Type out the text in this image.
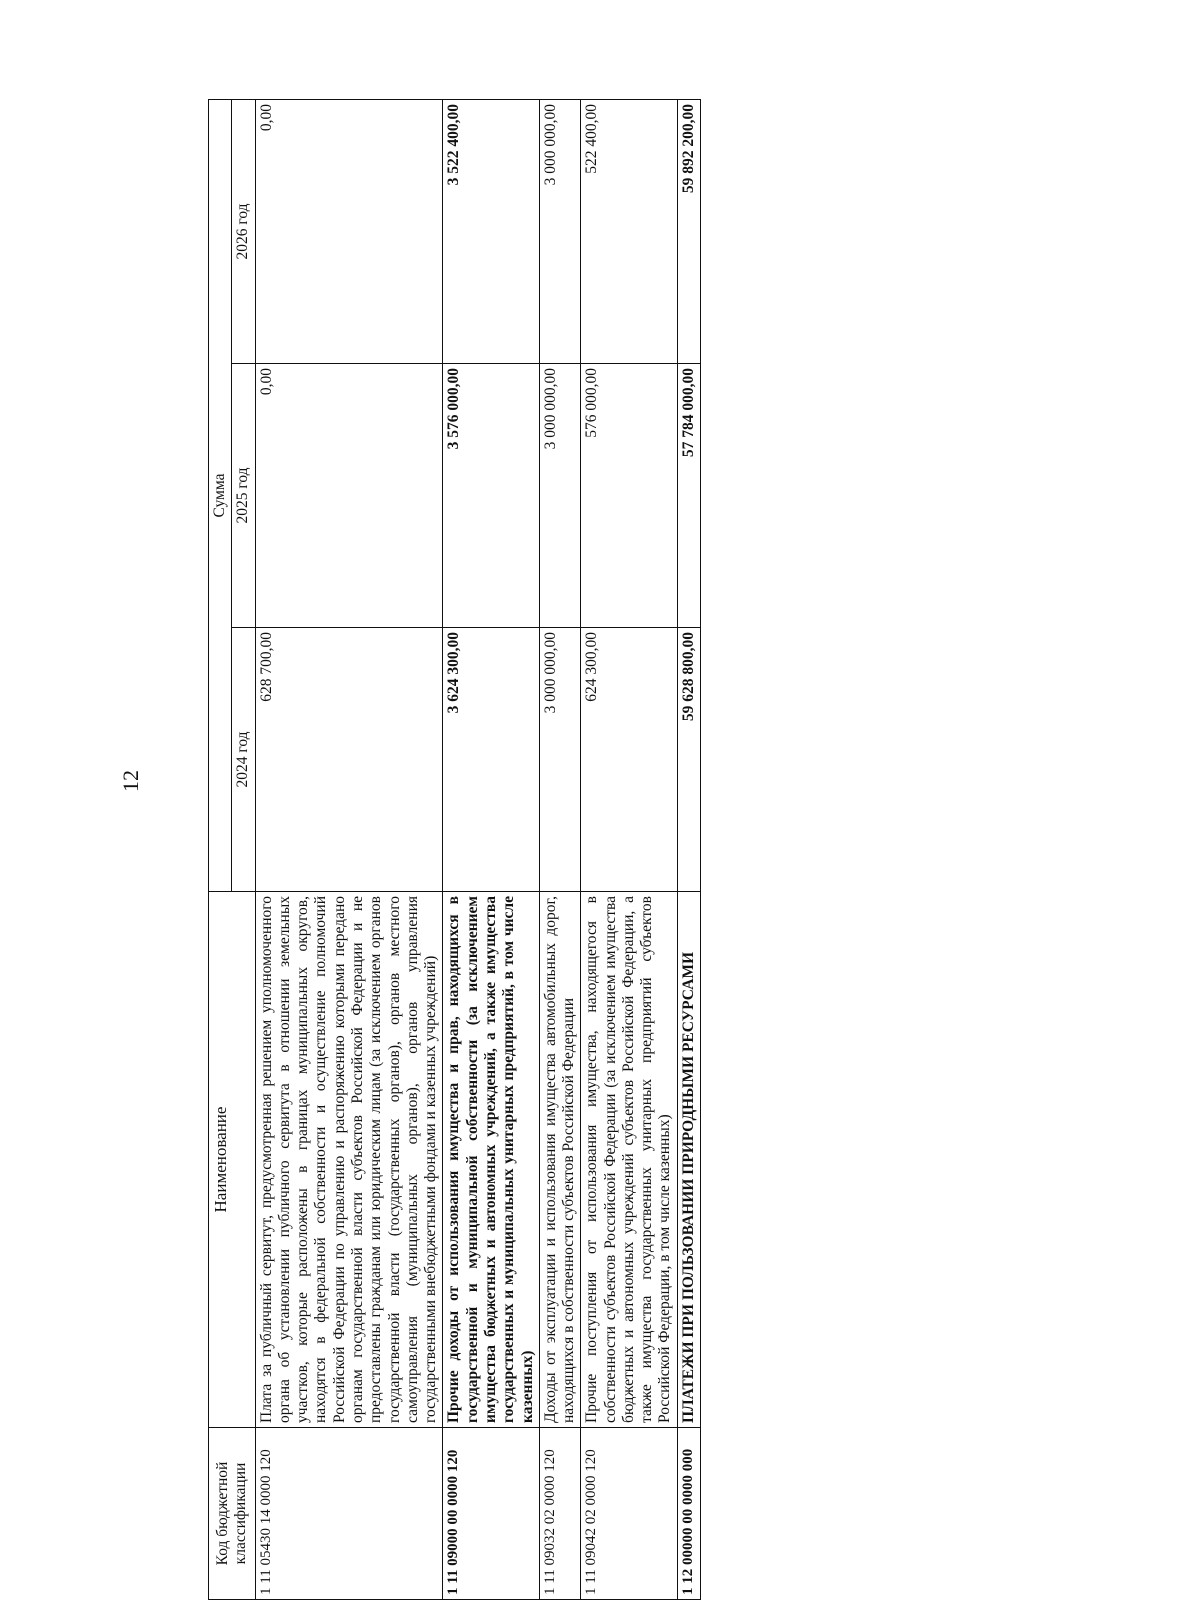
12
Код бюджетной классификации	Наименование	Сумма		
		2024 год	2025 год	2026 год
1 11 05430 14 0000 120	Плата за публичный сервитут, предусмотренная решением уполномоченного органа об установлении публичного сервитута в отношении земельных участков, которые расположены в границах муниципальных округов, находятся в федеральной собственности и осуществление полномочий Российской Федерации по управлению и распоряжению которыми передано органам государственной власти субъектов Российской Федерации и не предоставлены гражданам или юридическим лицам (за исключением органов государственной власти (государственных органов), органов местного самоуправления (муниципальных органов), органов управления государственными внебюджетными фондами и казенных учреждений)	628 700,00	0,00	0,00
1 11 09000 00 0000 120	Прочие доходы от использования имущества и прав, находящихся в государственной и муниципальной собственности (за исключением имущества бюджетных и автономных учреждений, а также имущества государственных и муниципальных унитарных предприятий, в том числе казенных)	3 624 300,00	3 576 000,00	3 522 400,00
1 11 09032 02 0000 120	Доходы от эксплуатации и использования имущества автомобильных дорог, находящихся в собственности субъектов Российской Федерации	3 000 000,00	3 000 000,00	3 000 000,00
1 11 09042 02 0000 120	Прочие поступления от использования имущества, находящегося в собственности субъектов Российской Федерации (за исключением имущества бюджетных и автономных учреждений субъектов Российской Федерации, а также имущества государственных унитарных предприятий субъектов Российской Федерации, в том числе казенных)	624 300,00	576 000,00	522 400,00
1 12 00000 00 0000 000	ПЛАТЕЖИ ПРИ ПОЛЬЗОВАНИИ ПРИРОДНЫМИ РЕСУРСАМИ	59 628 800,00	57 784 000,00	59 892 200,00
